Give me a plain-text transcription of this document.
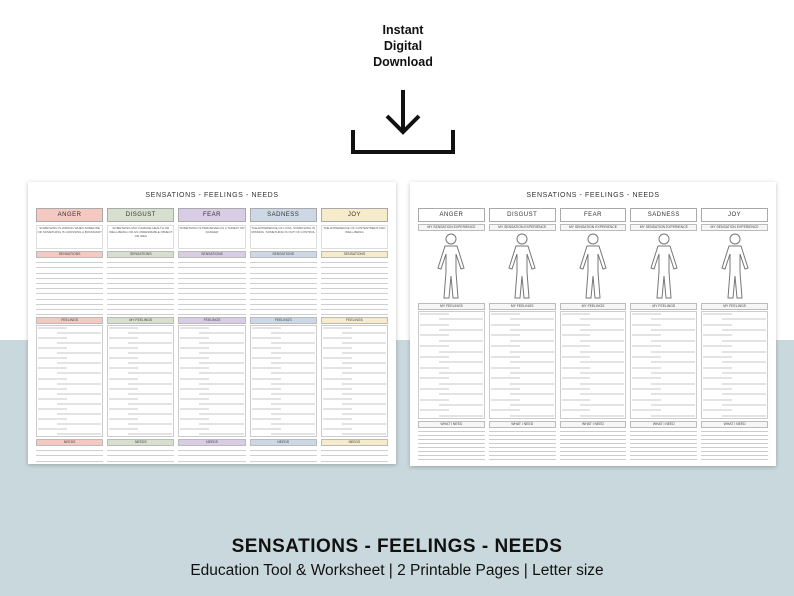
Instant
Digital
Download
SENSATIONS - FEELINGS - NEEDS
ANGER
SOMETHING IS WRONG WHEN SOMEONE OR SOMETHING IS CROSSING A BOUNDARY
SENSATIONS
FEELINGS
NEEDS
DISGUST
SOMETHING MAY DAMAGE HEALTH OR WELL-BEING OR AN UNDESIRABLE OBJECT OR IDEA
SENSATIONS
MY FEELINGS
NEEDS
FEAR
SOMETHING IS PERCEIVED AS A THREAT OR DANGER
SENSATIONS
FEELINGS
NEEDS
SADNESS
THE EXPERIENCE OF LOSS, SOMETHING IS MISSING, SOMETHING IS OUT OF CONTROL
SENSATIONS
FEELINGS
NEEDS
JOY
THE EXPERIENCE OF CONTENTMENT AND WELL-BEING
SENSATIONS
FEELINGS
NEEDS
SENSATIONS - FEELINGS - NEEDS
ANGER
MY SENSATION EXPERIENCE
MY FEELINGS
WHAT I NEED
DISGUST
MY SENSATION EXPERIENCE
MY FEELINGS
WHAT I NEED
FEAR
MY SENSATION EXPERIENCE
MY FEELINGS
WHAT I NEED
SADNESS
MY SENSATION EXPERIENCE
MY FEELINGS
WHAT I NEED
JOY
MY SENSATION EXPERIENCE
MY FEELINGS
WHAT I NEED
SENSATIONS - FEELINGS - NEEDS
Education Tool & Worksheet | 2 Printable Pages | Letter size
